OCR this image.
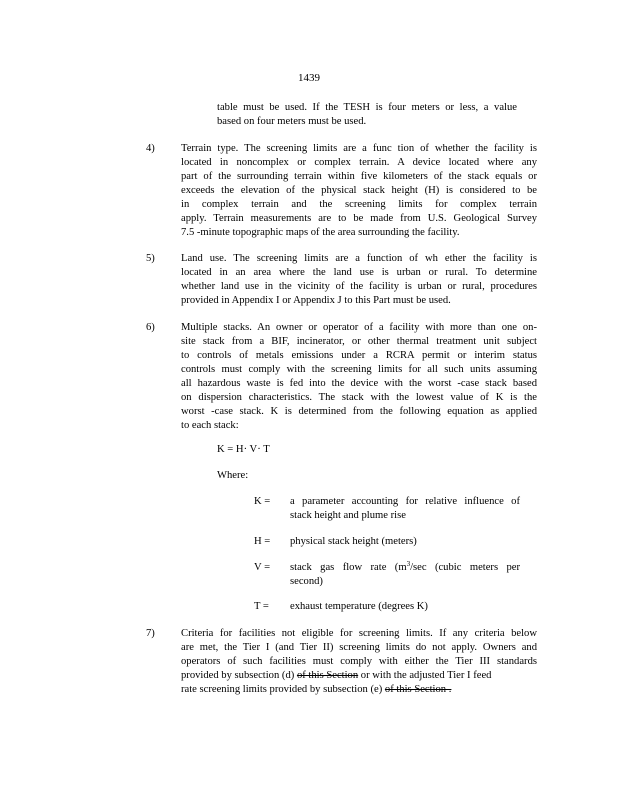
1439
table must be used. If the TESH is four meters or less, a value
based on four meters must be used.
4) Terrain type. The screening limits are a func tion of whether the facility is
located in noncomplex or complex terrain. A device located where any
part of the surrounding terrain within five kilometers of the stack equals or
exceeds the elevation of the physical stack height (H) is considered to be
in complex terrain and the screening limits for complex terrain
apply. Terrain measurements are to be made from U.S. Geological Survey
7.5 -minute topographic maps of the area surrounding the facility.
5) Land use. The screening limits are a function of wh ether the facility is
located in an area where the land use is urban or rural. To determine
whether land use in the vicinity of the facility is urban or rural, procedures
provided in Appendix I or Appendix J to this Part must be used.
6) Multiple stacks. An owner or operator of a facility with more than one on-
site stack from a BIF, incinerator, or other thermal treatment unit subject
to controls of metals emissions under a RCRA permit or interim status
controls must comply with the screening limits for all such units assuming
all hazardous waste is fed into the device with the worst -case stack based
on dispersion characteristics. The stack with the lowest value of K is the
worst -case stack. K is determined from the following equation as applied
to each stack:
K = H· V· T
Where:
K = a parameter accounting for relative influence of
stack height and plume rise
H = physical stack height (meters)
V = stack gas flow rate ($m^3/\sec$ (cubic meters per
second)
T = exhaust temperature (degrees K)
7) Criteria for facilities not eligible for screening limits. If any criteria below
are met, the Tier I (and Tier II) screening limits do not apply. Owners and
operators of such facilities must comply with either the Tier III standards
provided by subsection (d) of this Section or with the adjusted Tier I feed
rate screening limits provided by subsection (e) of this Section .
